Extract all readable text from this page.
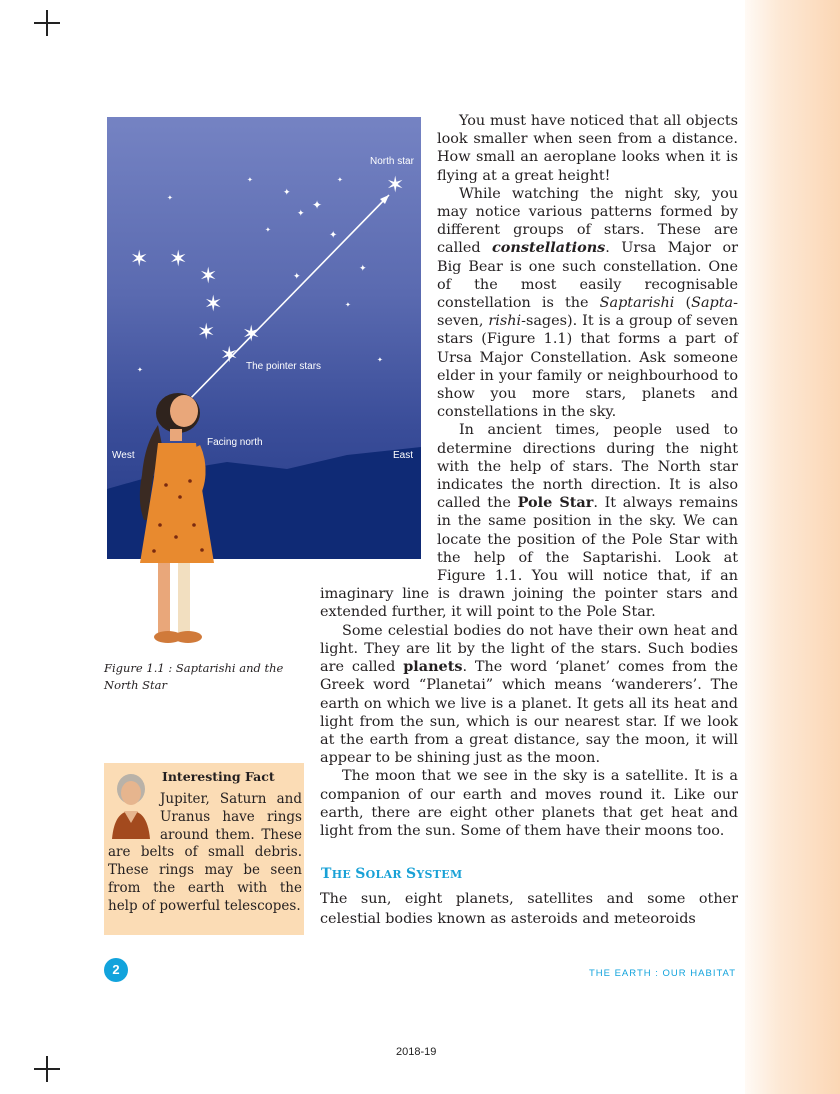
✶
✶ ✶
✶
✶
✶ ✶
✶
✦
✦
✦
✦
✦
✦
✦
✦
✦
✦
✦
✦
✦
North star
The pointer stars
Facing north
West	East
Figure 1.1 : Saptarishi and the North Star
Interesting Fact
Jupiter, Saturn and Uranus have rings around them. These are belts of small debris. These rings may be seen from the earth with the help of powerful telescopes.

You must have noticed that all objects look smaller when seen from a distance. How small an aeroplane looks when it is flying at a great height!

While watching the night sky, you may notice various patterns formed by different groups of stars. These are called constellations. Ursa Major or Big Bear is one such constellation. One of the most easily recognisable constellation is the Saptarishi (Sapta-seven, rishi-sages). It is a group of seven stars (Figure 1.1) that forms a part of Ursa Major Constellation. Ask someone elder in your family or neighbourhood to show you more stars, planets and constellations in the sky.

In ancient times, people used to determine directions during the night with the help of stars. The North star indicates the north direction. It is also called the Pole Star. It always remains in the same position in the sky. We can locate the position of the Pole Star with the help of the Saptarishi. Look at Figure 1.1. You will notice that, if an imaginary line is drawn joining the pointer stars and extended further, it will point to the Pole Star.

Some celestial bodies do not have their own heat and light. They are lit by the light of the stars. Such bodies are called planets. The word ‘planet’ comes from the Greek word “Planetai” which means ‘wanderers’. The earth on which we live is a planet. It gets all its heat and light from the sun, which is our nearest star. If we look at the earth from a great distance, say the moon, it will appear to be shining just as the moon.

The moon that we see in the sky is a satellite. It is a companion of our earth and moves round it. Like our earth, there are eight other planets that get heat and light from the sun. Some of them have their moons too.

THE SOLAR SYSTEM
The sun, eight planets, satellites and some other celestial bodies known as asteroids and meteoroids
2	THE EARTH : OUR HABITAT
2018-19
